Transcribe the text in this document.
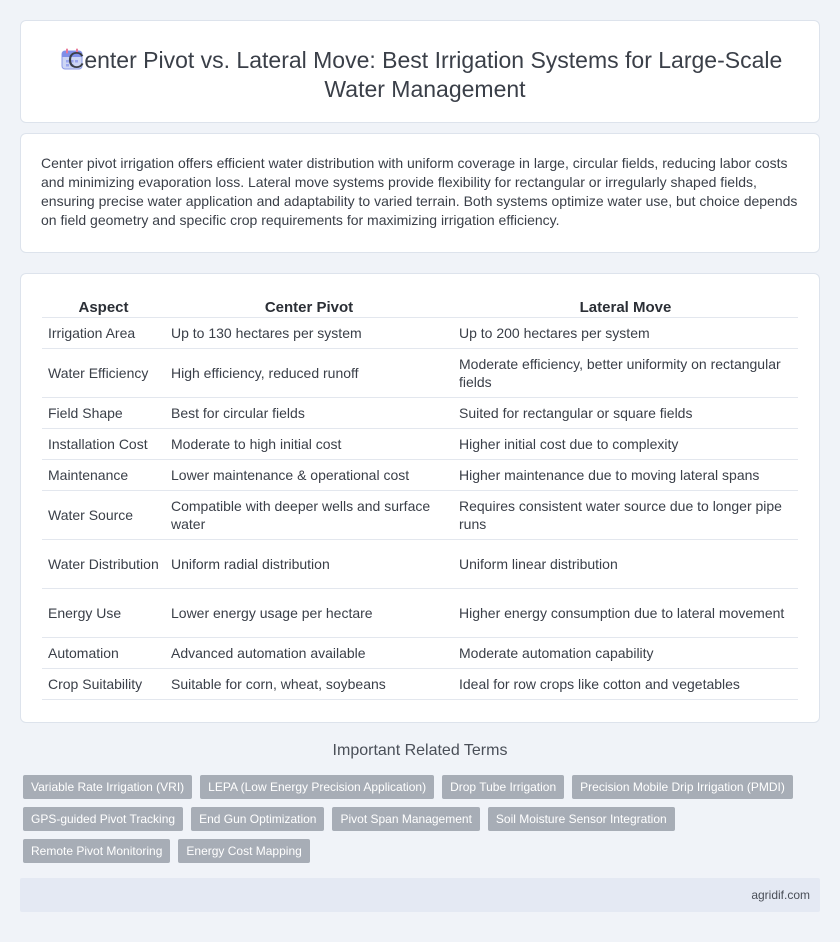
Center Pivot vs. Lateral Move: Best Irrigation Systems for Large-Scale Water Management

Center pivot irrigation offers efficient water distribution with uniform coverage in large, circular fields, reducing labor costs and minimizing evaporation loss. Lateral move systems provide flexibility for rectangular or irregularly shaped fields, ensuring precise water application and adaptability to varied terrain. Both systems optimize water use, but choice depends on field geometry and specific crop requirements for maximizing irrigation efficiency.

Aspect	Center Pivot	Lateral Move
Irrigation Area	Up to 130 hectares per system	Up to 200 hectares per system
Water Efficiency	High efficiency, reduced runoff	Moderate efficiency, better uniformity on rectangular fields
Field Shape	Best for circular fields	Suited for rectangular or square fields
Installation Cost	Moderate to high initial cost	Higher initial cost due to complexity
Maintenance	Lower maintenance & operational cost	Higher maintenance due to moving lateral spans
Water Source	Compatible with deeper wells and surface water	Requires consistent water source due to longer pipe runs
Water Distribution	Uniform radial distribution	Uniform linear distribution
Energy Use	Lower energy usage per hectare	Higher energy consumption due to lateral movement
Automation	Advanced automation available	Moderate automation capability
Crop Suitability	Suitable for corn, wheat, soybeans	Ideal for row crops like cotton and vegetables
Important Related Terms
Variable Rate Irrigation (VRI)	LEPA (Low Energy Precision Application)	Drop Tube Irrigation	Precision Mobile Drip Irrigation (PMDI)
GPS-guided Pivot Tracking	End Gun Optimization	Pivot Span Management	Soil Moisture Sensor Integration
Remote Pivot Monitoring	Energy Cost Mapping
agridif.com
